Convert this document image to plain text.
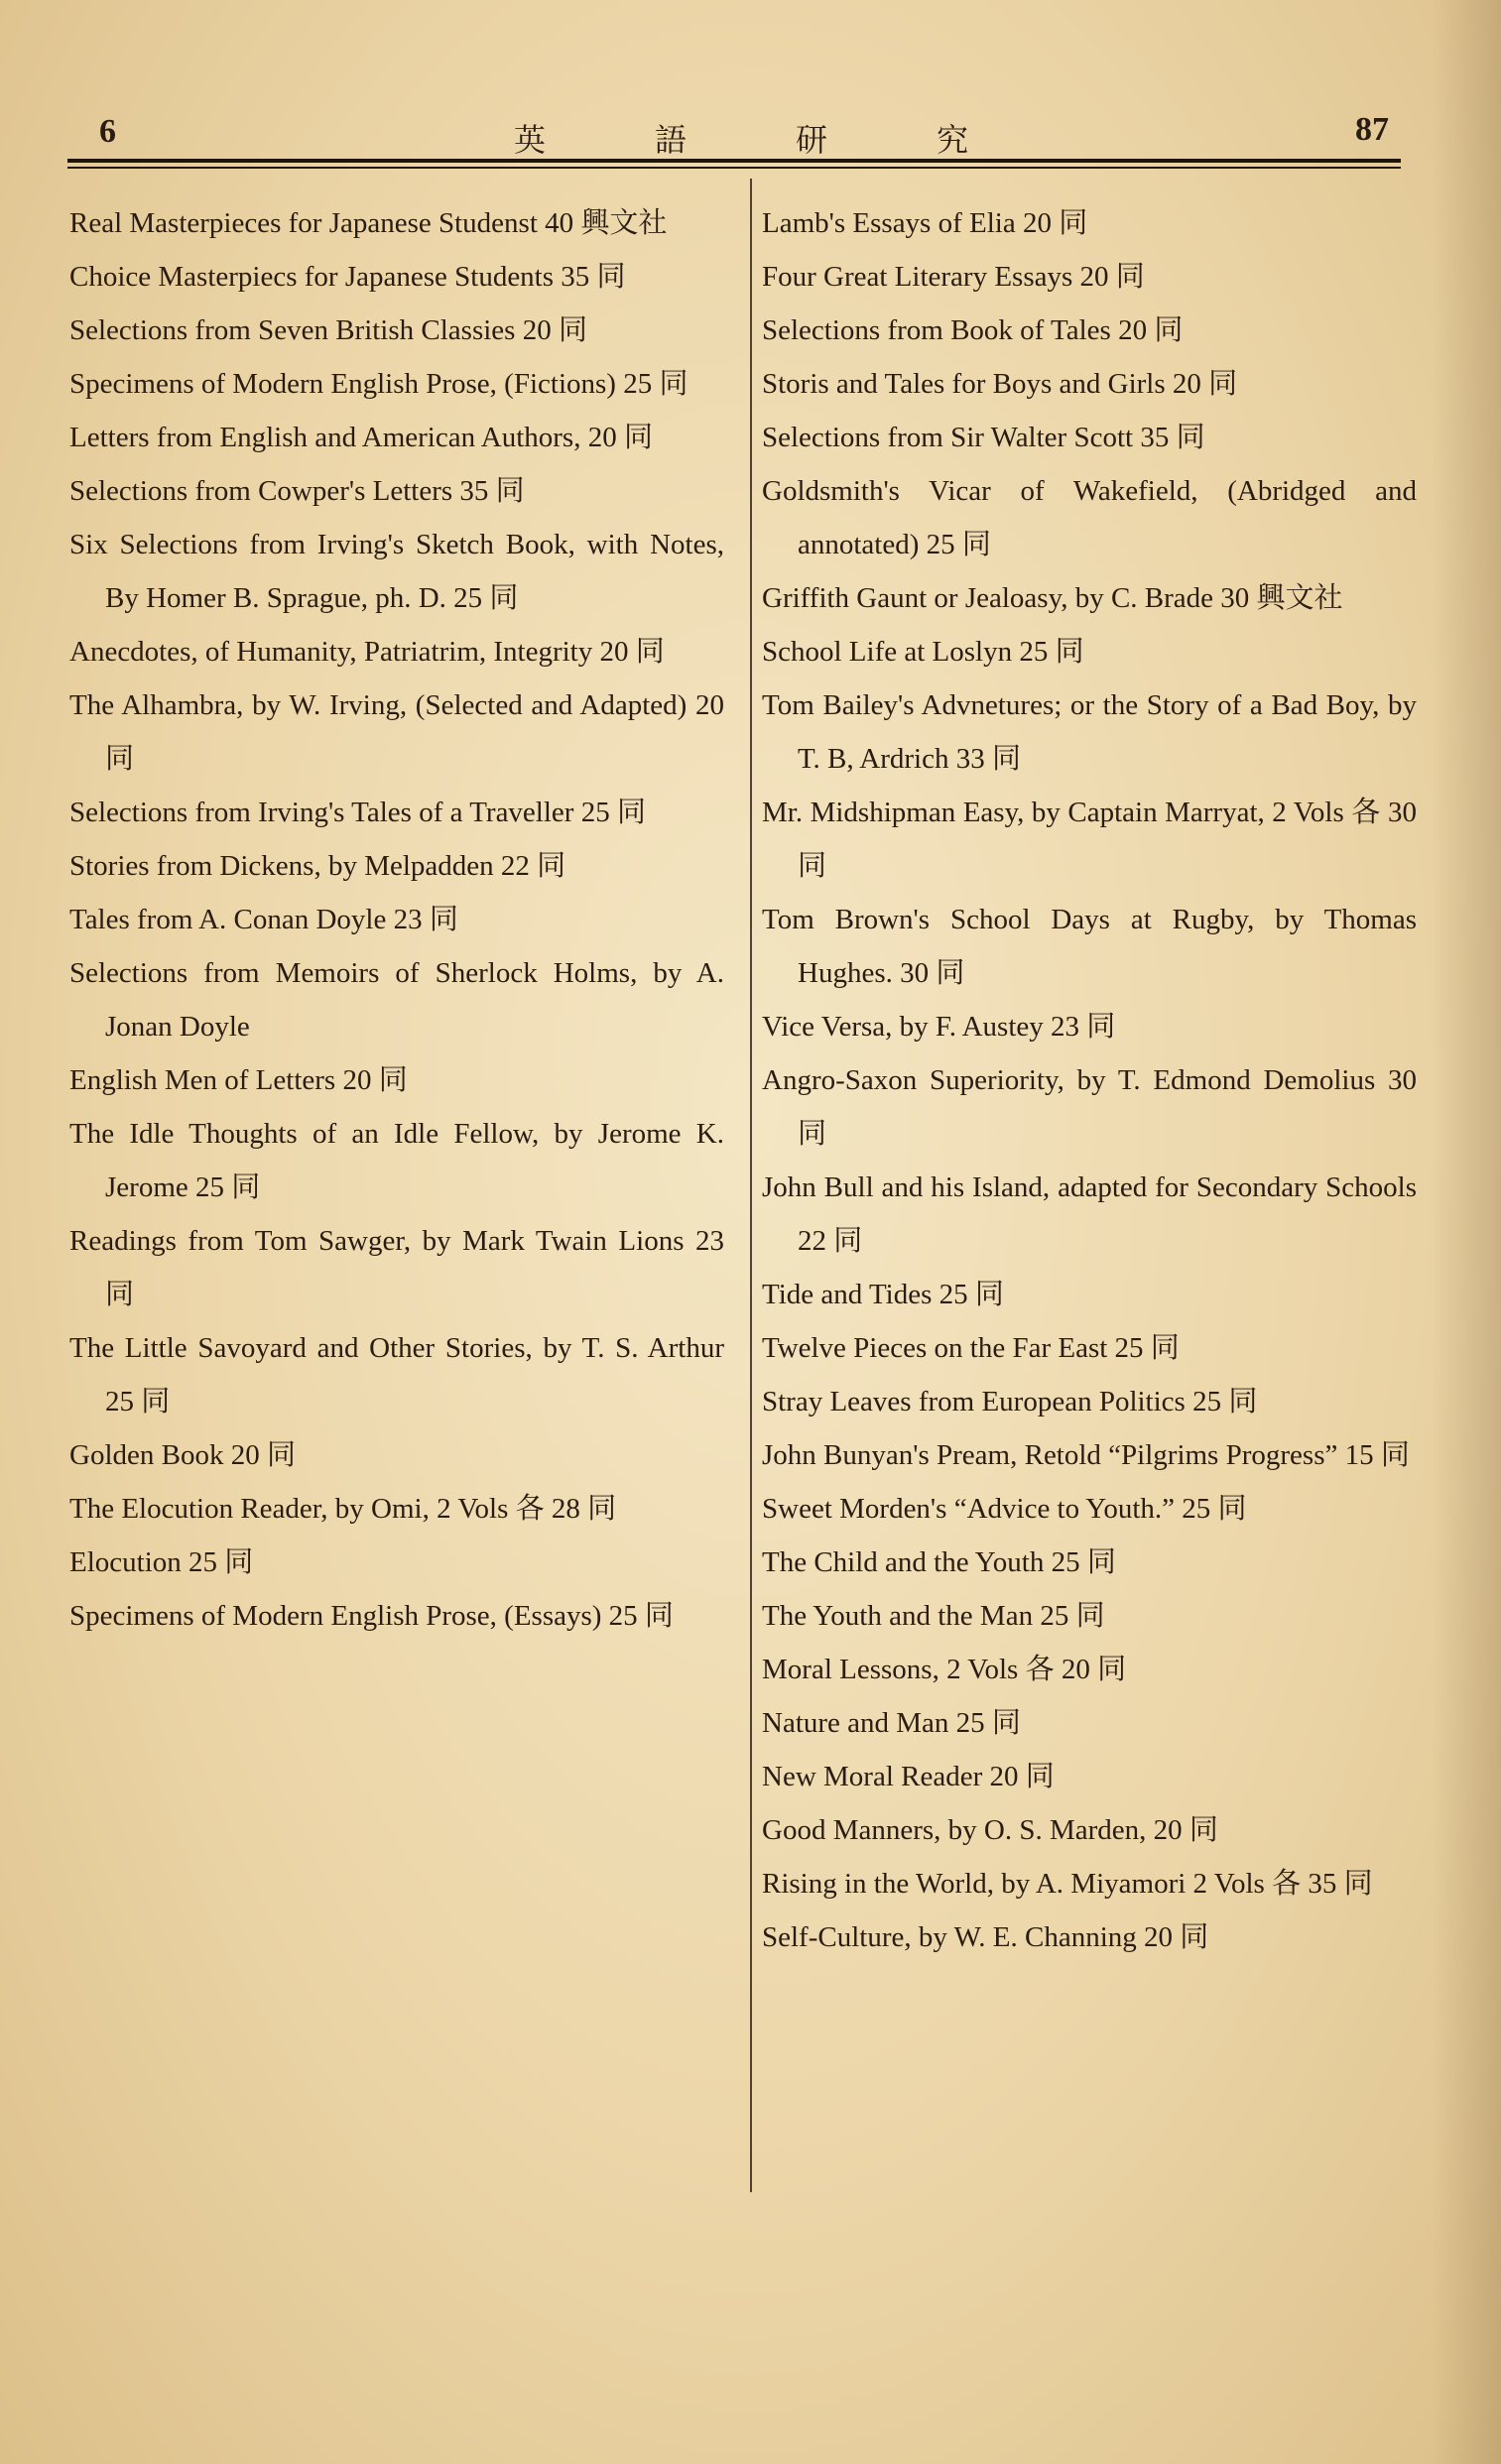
6	英	語	研	究	87

Real Masterpieces for Japanese Studenst 40 興文社

Choice Masterpiecs for Japanese Students 35 同

Selections from Seven British Classies 20 同

Specimens of Modern English Prose, (Fictions) 25 同

Letters from English and American Authors, 20 同

Selections from Cowper's Letters 35 同

Six Selections from Irving's Sketch Book, with Notes, By Homer B. Sprague, ph. D. 25 同

Anecdotes, of Humanity, Patriatrim, Integrity 20 同

The Alhambra, by W. Irving, (Selected and Adapted) 20 同

Selections from Irving's Tales of a Traveller 25 同

Stories from Dickens, by Melpadden 22 同

Tales from A. Conan Doyle 23 同

Selections from Memoirs of Sherlock Holms, by A. Jonan Doyle

English Men of Letters 20 同

The Idle Thoughts of an Idle Fellow, by Jerome K. Jerome 25 同

Readings from Tom Sawger, by Mark Twain Lions 23 同

The Little Savoyard and Other Stories, by T. S. Arthur 25 同

Golden Book 20 同

The Elocution Reader, by Omi, 2 Vols 各 28 同

Elocution 25 同

Specimens of Modern English Prose, (Essays) 25 同

Lamb's Essays of Elia 20 同

Four Great Literary Essays 20 同

Selections from Book of Tales 20 同

Storis and Tales for Boys and Girls 20 同

Selections from Sir Walter Scott 35 同

Goldsmith's Vicar of Wakefield, (Abridged and annotated) 25 同

Griffith Gaunt or Jealoasy, by C. Brade 30 興文社

School Life at Loslyn 25 同

Tom Bailey's Advnetures; or the Story of a Bad Boy, by T. B, Ardrich 33 同

Mr. Midshipman Easy, by Captain Marryat, 2 Vols 各 30 同

Tom Brown's School Days at Rugby, by Thomas Hughes. 30 同

Vice Versa, by F. Austey 23 同

Angro-Saxon Superiority, by T. Edmond Demolius 30 同

John Bull and his Island, adapted for Secondary Schools 22 同

Tide and Tides 25 同

Twelve Pieces on the Far East 25 同

Stray Leaves from European Politics 25 同

John Bunyan's Pream, Retold “Pilgrims Progress” 15 同

Sweet Morden's “Advice to Youth.” 25 同

The Child and the Youth 25 同

The Youth and the Man 25 同

Moral Lessons, 2 Vols 各 20 同

Nature and Man 25 同

New Moral Reader 20 同

Good Manners, by O. S. Marden, 20 同

Rising in the World, by A. Miyamori 2 Vols 各 35 同

Self-Culture, by W. E. Channing 20 同
